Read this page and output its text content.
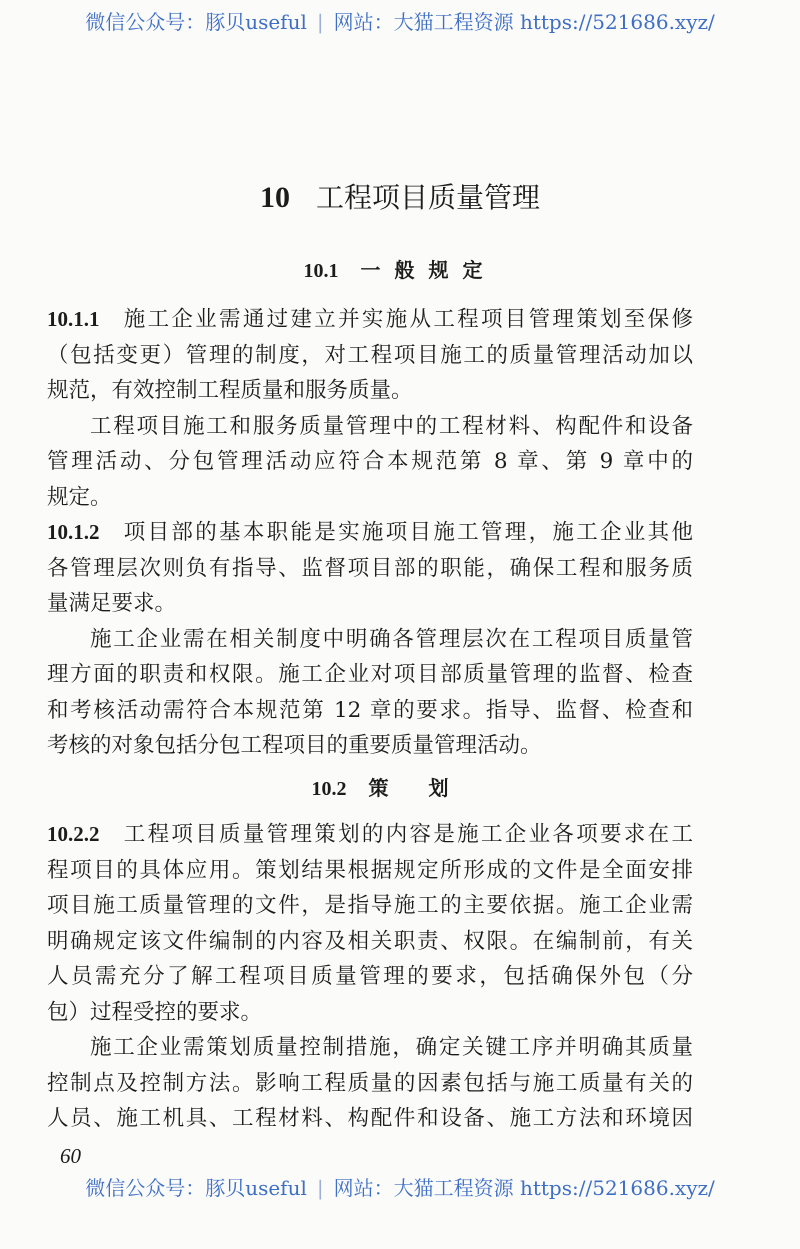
微信公众号：豚贝useful | 网站：大猫工程资源 https://521686.xyz/
10 工程项目质量管理
10.1 一般规定
10.1.1 施工企业需通过建立并实施从工程项目管理策划至保修
（包括变更）管理的制度，对工程项目施工的质量管理活动加以
规范，有效控制工程质量和服务质量。
工程项目施工和服务质量管理中的工程材料、构配件和设备
管理活动、分包管理活动应符合本规范第 8 章、第 9 章中的
规定。
10.1.2 项目部的基本职能是实施项目施工管理，施工企业其他
各管理层次则负有指导、监督项目部的职能，确保工程和服务质
量满足要求。
施工企业需在相关制度中明确各管理层次在工程项目质量管
理方面的职责和权限。施工企业对项目部质量管理的监督、检查
和考核活动需符合本规范第 12 章的要求。指导、监督、检查和
考核的对象包括分包工程项目的重要质量管理活动。
10.2 策划
10.2.2 工程项目质量管理策划的内容是施工企业各项要求在工
程项目的具体应用。策划结果根据规定所形成的文件是全面安排
项目施工质量管理的文件，是指导施工的主要依据。施工企业需
明确规定该文件编制的内容及相关职责、权限。在编制前，有关
人员需充分了解工程项目质量管理的要求，包括确保外包（分
包）过程受控的要求。
施工企业需策划质量控制措施，确定关键工序并明确其质量
控制点及控制方法。影响工程质量的因素包括与施工质量有关的
人员、施工机具、工程材料、构配件和设备、施工方法和环境因
60
微信公众号：豚贝useful | 网站：大猫工程资源 https://521686.xyz/
